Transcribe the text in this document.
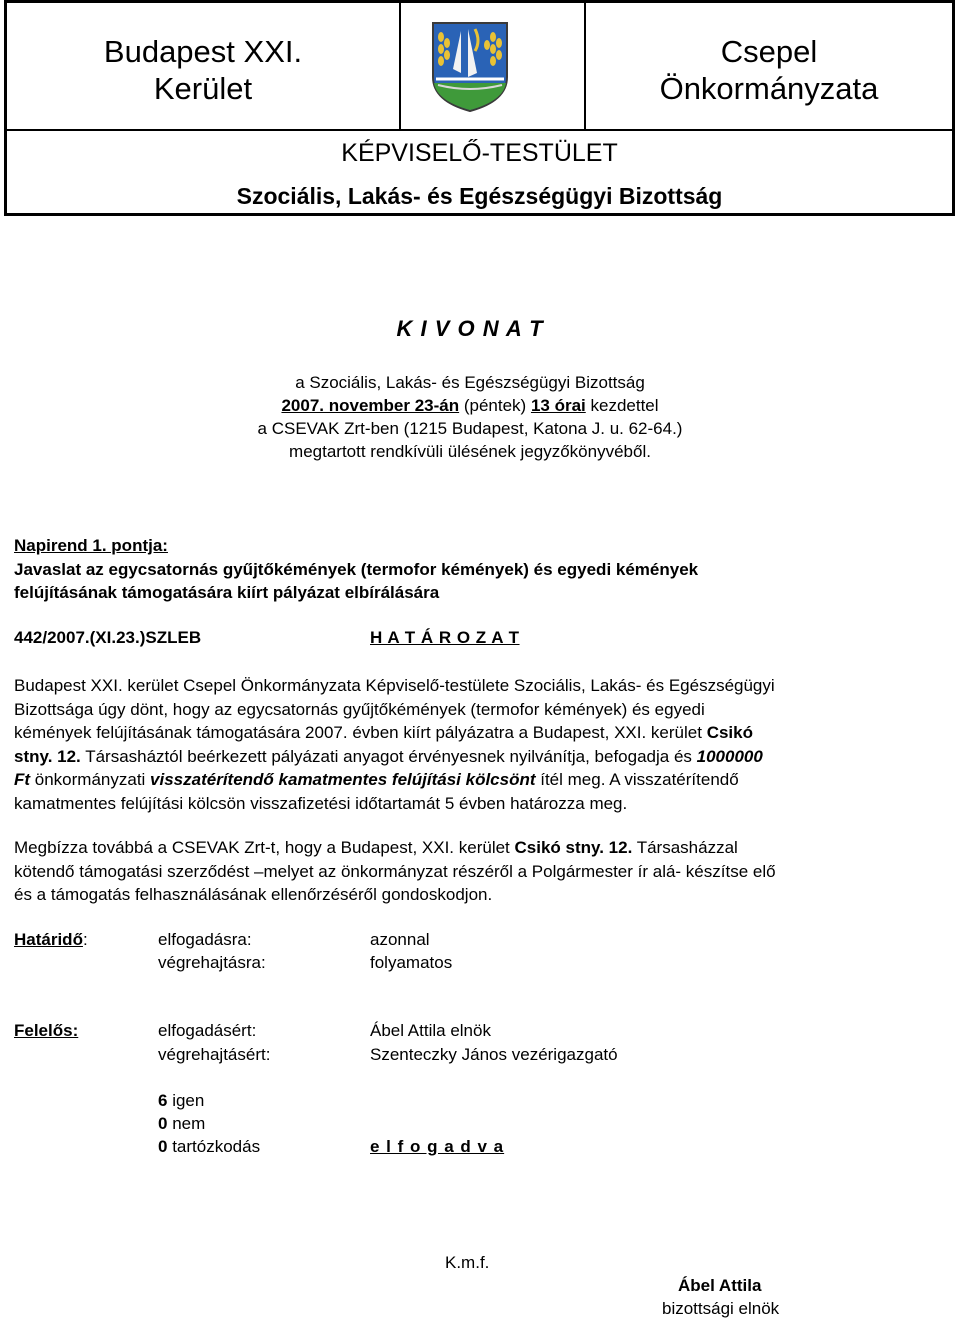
Budapest XXI.
Kerület
Csepel
Önkormányzata
KÉPVISELŐ-TESTÜLET
Szociális, Lakás- és Egészségügyi Bizottság
K I V O N A T
a Szociális, Lakás- és Egészségügyi Bizottság
2007. november 23-án (péntek) 13 órai kezdettel
a CSEVAK Zrt-ben (1215 Budapest, Katona J. u. 62-64.)
megtartott rendkívüli ülésének jegyzőkönyvéből.
Napirend 1. pontja:
Javaslat az egycsatornás gyűjtőkémények (termofor kémények) és egyedi kémények
felújításának támogatására kiírt pályázat elbírálására
442/2007.(XI.23.)SZLEB	H A T Á R O Z A T
Budapest XXI. kerület Csepel Önkormányzata Képviselő-testülete Szociális, Lakás- és Egészségügyi
Bizottsága úgy dönt, hogy az egycsatornás gyűjtőkémények (termofor kémények) és egyedi
kémények felújításának támogatására 2007. évben kiírt pályázatra a Budapest, XXI. kerület Csikó
stny. 12. Társasháztól beérkezett pályázati anyagot érvényesnek nyilvánítja, befogadja és 1000000
Ft önkormányzati visszatérítendő kamatmentes felújítási kölcsönt ítél meg. A visszatérítendő
kamatmentes felújítási kölcsön visszafizetési időtartamát 5 évben határozza meg.
Megbízza továbbá a CSEVAK Zrt-t, hogy a Budapest, XXI. kerület Csikó stny. 12. Társasházzal
kötendő támogatási szerződést –melyet az önkormányzat részéről a Polgármester ír alá- készítse elő
és a támogatás felhasználásának ellenőrzéséről gondoskodjon.
Határidő:	elfogadásra:	azonnal
végrehajtásra:	folyamatos
Felelős:	elfogadásért:	Ábel Attila elnök
végrehajtásért:	Szenteczky János vezérigazgató
6 igen
0 nem
0 tartózkodás	e l f o g a d v a
K.m.f.
Ábel Attila
bizottsági elnök
